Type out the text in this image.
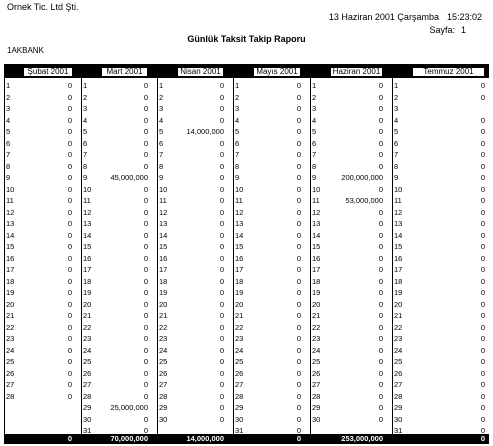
Ornek Tic. Ltd Şti.
13 Haziran 2001 Çarşamba 15:23:02
Sayfa: 1
Günlük Taksit Takip Raporu
1AKBANK
Şubat 2001
1	0
2	0
3	0
4	0
5	0
6	0
7	0
8	0
9	0
10	0
11	0
12	0
13	0
14	0
15	0
16	0
17	0
18	0
19	0
20	0
21	0
22	0
23	0
24	0
25	0
26	0
27	0
28	0
0
Mart 2001
1	0
2	0
3	0
4	0
5	0
6	0
7	0
8	0
9	45,000,000
10	0
11	0
12	0
13	0
14	0
15	0
16	0
17	0
18	0
19	0
20	0
21	0
22	0
23	0
24	0
25	0
26	0
27	0
28	0
29	25,000,000
30	0
31	0
70,000,000
Nisan 2001
1	0
2	0
3	0
4	0
5	14,000,000
6	0
7	0
8	0
9	0
10	0
11	0
12	0
13	0
14	0
15	0
16	0
17	0
18	0
19	0
20	0
21	0
22	0
23	0
24	0
25	0
26	0
27	0
28	0
29	0
30	0
14,000,000
Mayıs 2001
1	0
2	0
3	0
4	0
5	0
6	0
7	0
8	0
9	0
10	0
11	0
12	0
13	0
14	0
15	0
16	0
17	0
18	0
19	0
20	0
21	0
22	0
23	0
24	0
25	0
26	0
27	0
28	0
29	0
30	0
31	0
0
Haziran 2001
1	0
2	0
3	0
4	0
5	0
6	0
7	0
8	0
9	200,000,000
10	0
11	53,000,000
12	0
13	0
14	0
15	0
16	0
17	0
18	0
19	0
20	0
21	0
22	0
23	0
24	0
25	0
26	0
27	0
28	0
29	0
30	0
253,000,000
Temmuz 2001
1	0
2	0
3
4	0
5	0
6	0
7	0
8	0
9	0
10	0
11	0
12	0
13	0
14	0
15	0
16	0
17	0
18	0
19	0
20	0
21	0
22	0
23	0
24	0
25	0
26	0
27	0
28	0
29	0
30	0
31	0
0
